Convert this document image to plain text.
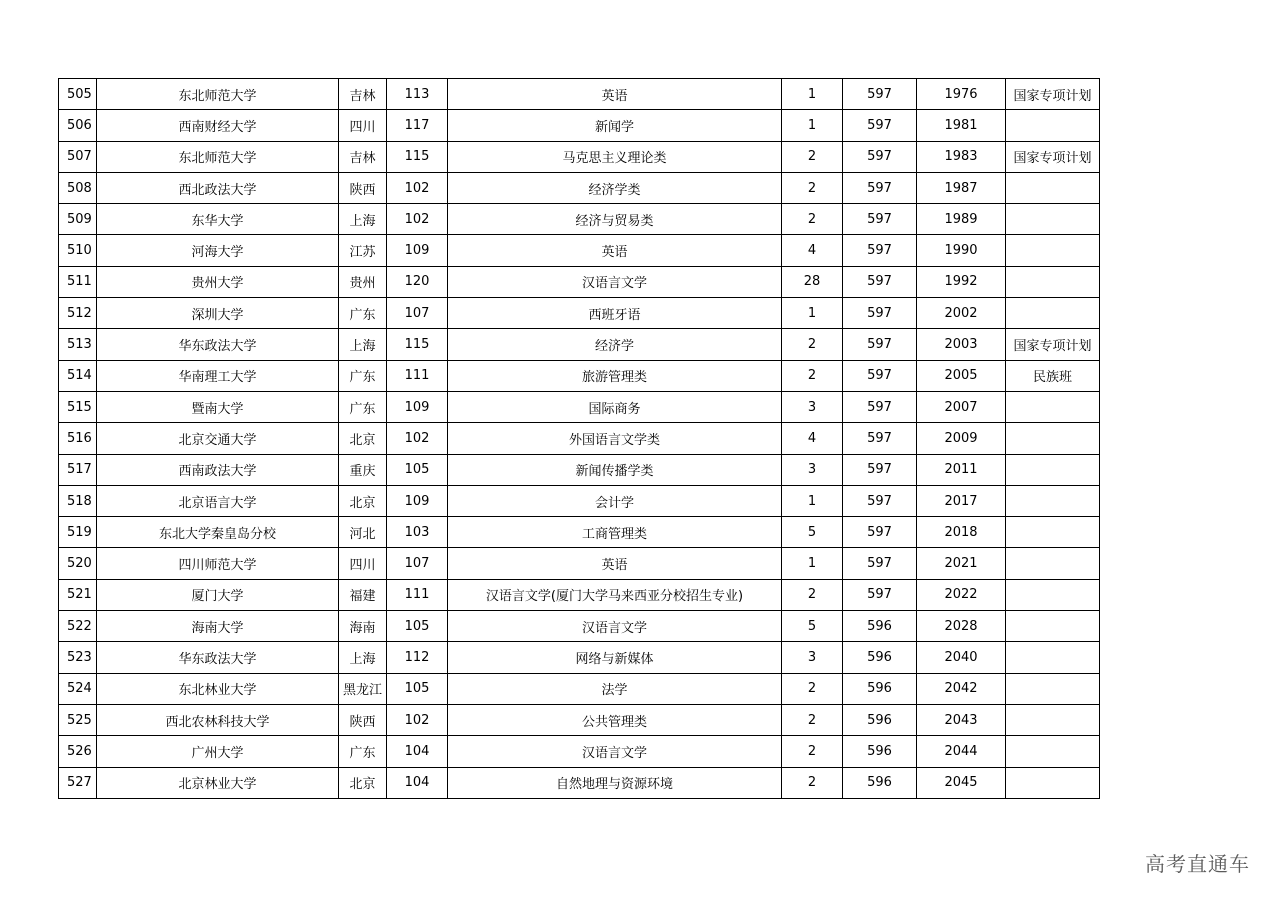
505	东北师范大学	吉林	113	英语	1	597	1976	国家专项计划
506	西南财经大学	四川	117	新闻学	1	597	1981	
507	东北师范大学	吉林	115	马克思主义理论类	2	597	1983	国家专项计划
508	西北政法大学	陕西	102	经济学类	2	597	1987	
509	东华大学	上海	102	经济与贸易类	2	597	1989	
510	河海大学	江苏	109	英语	4	597	1990	
511	贵州大学	贵州	120	汉语言文学	28	597	1992	
512	深圳大学	广东	107	西班牙语	1	597	2002	
513	华东政法大学	上海	115	经济学	2	597	2003	国家专项计划
514	华南理工大学	广东	111	旅游管理类	2	597	2005	民族班
515	暨南大学	广东	109	国际商务	3	597	2007	
516	北京交通大学	北京	102	外国语言文学类	4	597	2009	
517	西南政法大学	重庆	105	新闻传播学类	3	597	2011	
518	北京语言大学	北京	109	会计学	1	597	2017	
519	东北大学秦皇岛分校	河北	103	工商管理类	5	597	2018	
520	四川师范大学	四川	107	英语	1	597	2021	
521	厦门大学	福建	111	汉语言文学(厦门大学马来西亚分校招生专业)	2	597	2022	
522	海南大学	海南	105	汉语言文学	5	596	2028	
523	华东政法大学	上海	112	网络与新媒体	3	596	2040	
524	东北林业大学	黑龙江	105	法学	2	596	2042	
525	西北农林科技大学	陕西	102	公共管理类	2	596	2043	
526	广州大学	广东	104	汉语言文学	2	596	2044	
527	北京林业大学	北京	104	自然地理与资源环境	2	596	2045	
高考直通车
